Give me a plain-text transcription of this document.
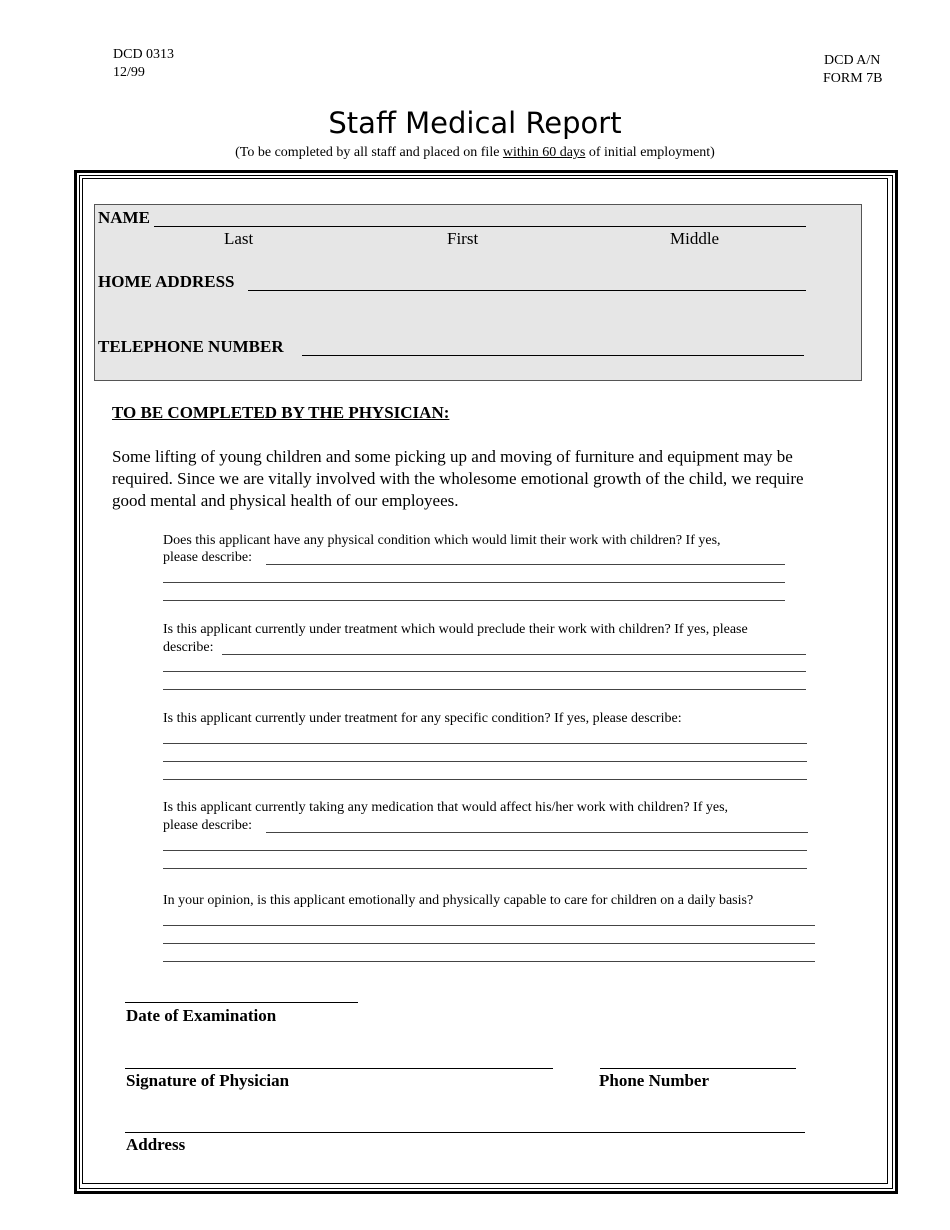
DCD 0313
12/99
DCD A/N
FORM 7B
Staff Medical Report
(To be completed by all staff and placed on file within 60 days of initial employment)
NAME
Last	First	Middle
HOME ADDRESS
TELEPHONE NUMBER
TO BE COMPLETED BY THE PHYSICIAN:
Some lifting of young children and some picking up and moving of furniture and equipment may be required. Since we are vitally involved with the wholesome emotional growth of the child, we require good mental and physical health of our employees.
Does this applicant have any physical condition which would limit their work with children? If yes,
please describe:
Is this applicant currently under treatment which would preclude their work with children? If yes, please
describe:
Is this applicant currently under treatment for any specific condition? If yes, please describe:
Is this applicant currently taking any medication that would affect his/her work with children? If yes,
please describe:
In your opinion, is this applicant emotionally and physically capable to care for children on a daily basis?
Date of Examination
Signature of Physician	Phone Number
Address
